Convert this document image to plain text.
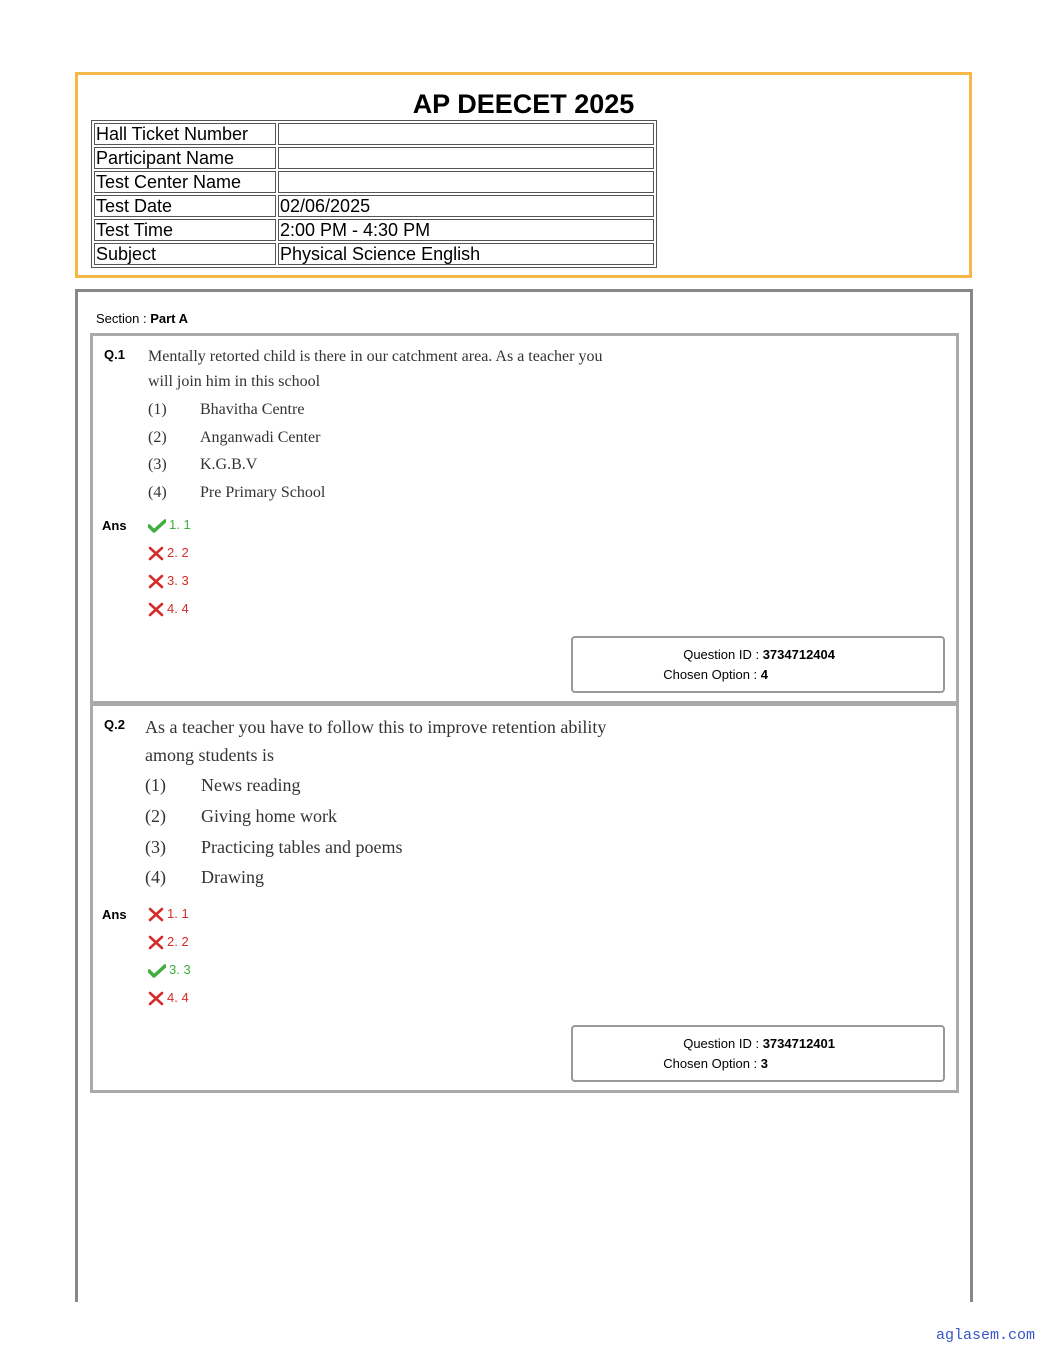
AP DEECET 2025
Hall Ticket Number	
Participant Name	
Test Center Name	
Test Date	02/06/2025
Test Time	2:00 PM - 4:30 PM
Subject	Physical Science English
Section : Part A
Q.1 Mentally retorted child is there in our catchment area. As a teacher you
will join him in this school
(1) Bhavitha Centre
(2) Anganwadi Center
(3) K.G.B.V
(4) Pre Primary School
Ans	1. 1
2. 2
3. 3
4. 4
Question ID : 3734712404
Chosen Option : 4
Q.2 As a teacher you have to follow this to improve retention ability
among students is
(1) News reading
(2) Giving home work
(3) Practicing tables and poems
(4) Drawing
Ans	1. 1
2. 2
3. 3
4. 4
Question ID : 3734712401
Chosen Option : 3
aglasem.com
